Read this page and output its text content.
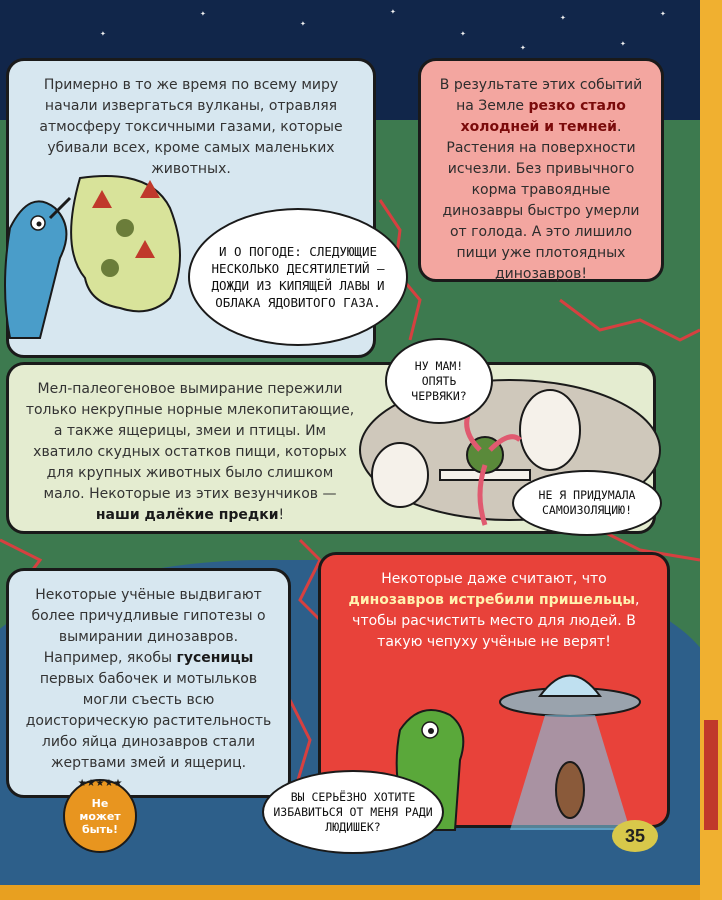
✦
✦
✦
✦
✦
✦
✦
✦
✦

Примерно в то же время по всему миру начали извергаться вулканы, отравляя атмосферу токсичными газами, которые убивали всех, кроме самых маленьких животных.

И О ПОГОДЕ: СЛЕДУЮЩИЕ НЕСКОЛЬКО ДЕСЯТИЛЕТИЙ — ДОЖДИ ИЗ КИПЯЩЕЙ ЛАВЫ И ОБЛАКА ЯДОВИТОГО ГАЗА.

В результате этих событий на Земле резко стало холодней и темней. Растения на поверхности исчезли. Без привычного корма травоядные динозавры быстро умерли от голода. А это лишило пищи уже плотоядных динозавров!

Мел-палеогеновое вымирание пережили только некрупные норные млекопитающие, а также ящерицы, змеи и птицы. Им хватило скудных остатков пищи, которых для крупных животных было слишком мало. Некоторые из этих везунчиков — наши далёкие предки!

НУ МАМ! ОПЯТЬ ЧЕРВЯКИ?
НЕ Я ПРИДУМАЛА САМОИЗОЛЯЦИЮ!

Некоторые учёные выдвигают более причудливые гипотезы о вымирании динозавров. Например, якобы гусеницы первых бабочек и мотыльков могли съесть всю доисторическую растительность либо яйца динозавров стали жертвами змей и ящериц.

Некоторые даже считают, что динозавров истребили пришельцы, чтобы расчистить место для людей. В такую чепуху учёные не верят!

ВЫ СЕРЬЁЗНО ХОТИТЕ ИЗБАВИТЬСЯ ОТ МЕНЯ РАДИ ЛЮДИШЕК?
★★★★★
Не может быть!	35
